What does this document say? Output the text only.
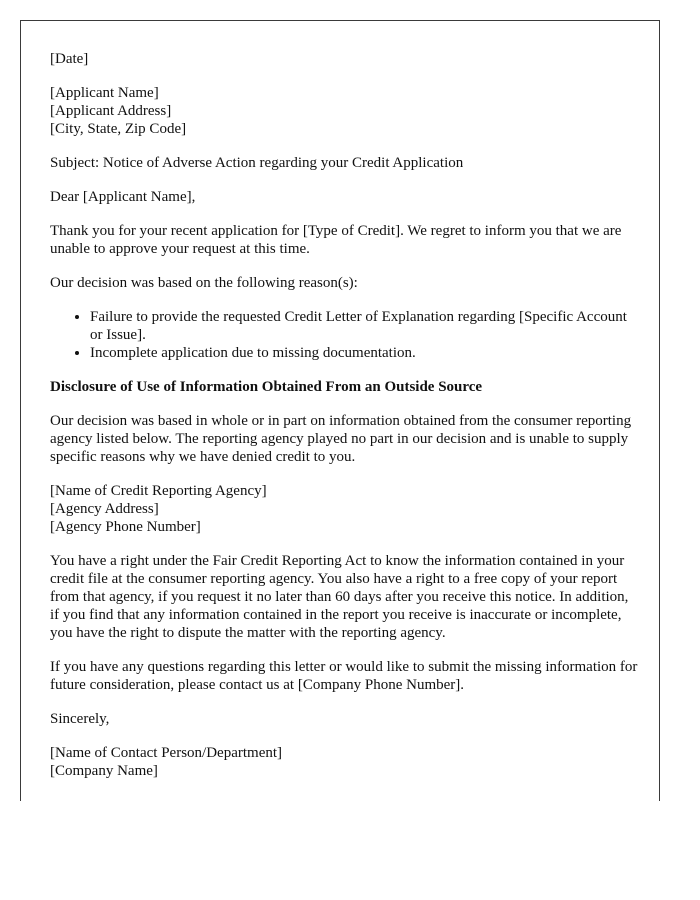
[Date]

[Applicant Name]
[Applicant Address]
[City, State, Zip Code]

Subject: Notice of Adverse Action regarding your Credit Application

Dear [Applicant Name],

Thank you for your recent application for [Type of Credit]. We regret to inform you that we are unable to approve your request at this time.

Our decision was based on the following reason(s):

• Failure to provide the requested Credit Letter of Explanation regarding [Specific Account or Issue].
• Incomplete application due to missing documentation.
Disclosure of Use of Information Obtained From an Outside Source

Our decision was based in whole or in part on information obtained from the consumer reporting agency listed below. The reporting agency played no part in our decision and is unable to supply specific reasons why we have denied credit to you.

[Name of Credit Reporting Agency]
[Agency Address]
[Agency Phone Number]

You have a right under the Fair Credit Reporting Act to know the information contained in your credit file at the consumer reporting agency. You also have a right to a free copy of your report from that agency, if you request it no later than 60 days after you receive this notice. In addition, if you find that any information contained in the report you receive is inaccurate or incomplete, you have the right to dispute the matter with the reporting agency.

If you have any questions regarding this letter or would like to submit the missing information for future consideration, please contact us at [Company Phone Number].

Sincerely,

[Name of Contact Person/Department]
[Company Name]
